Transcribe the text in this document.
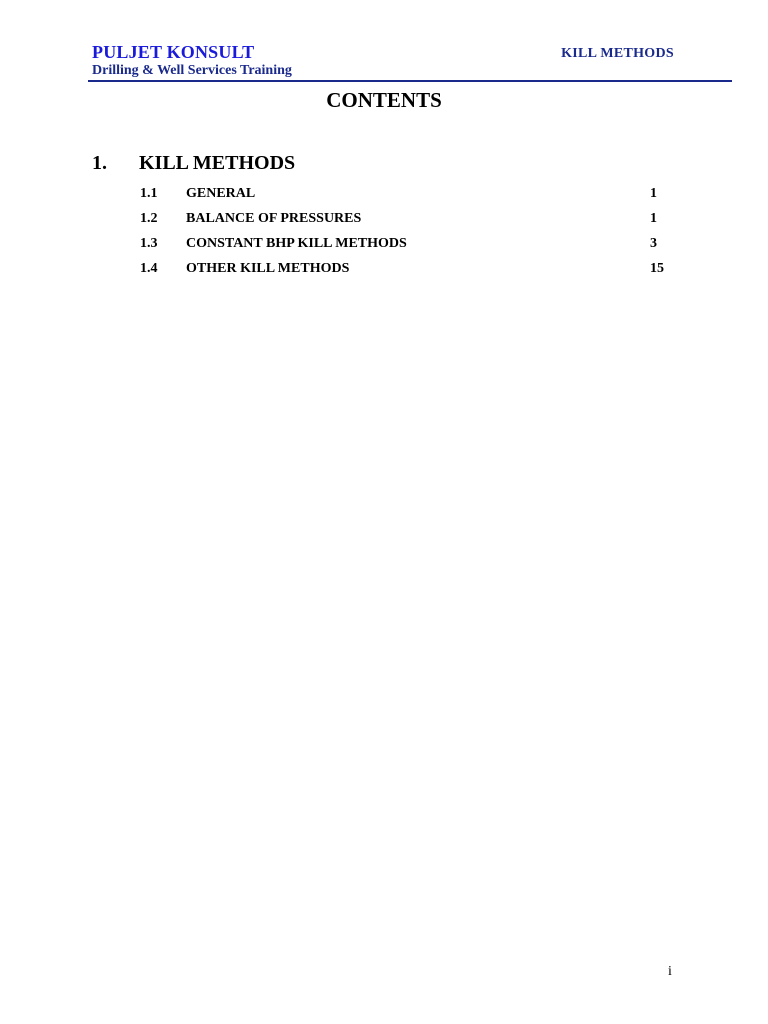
PULJET KONSULT
Drilling & Well Services Training
KILL METHODS
CONTENTS
1. KILL METHODS
1.1 GENERAL	1
1.2 BALANCE OF PRESSURES	1
1.3 CONSTANT BHP KILL METHODS	3
1.4 OTHER KILL METHODS	15
i
